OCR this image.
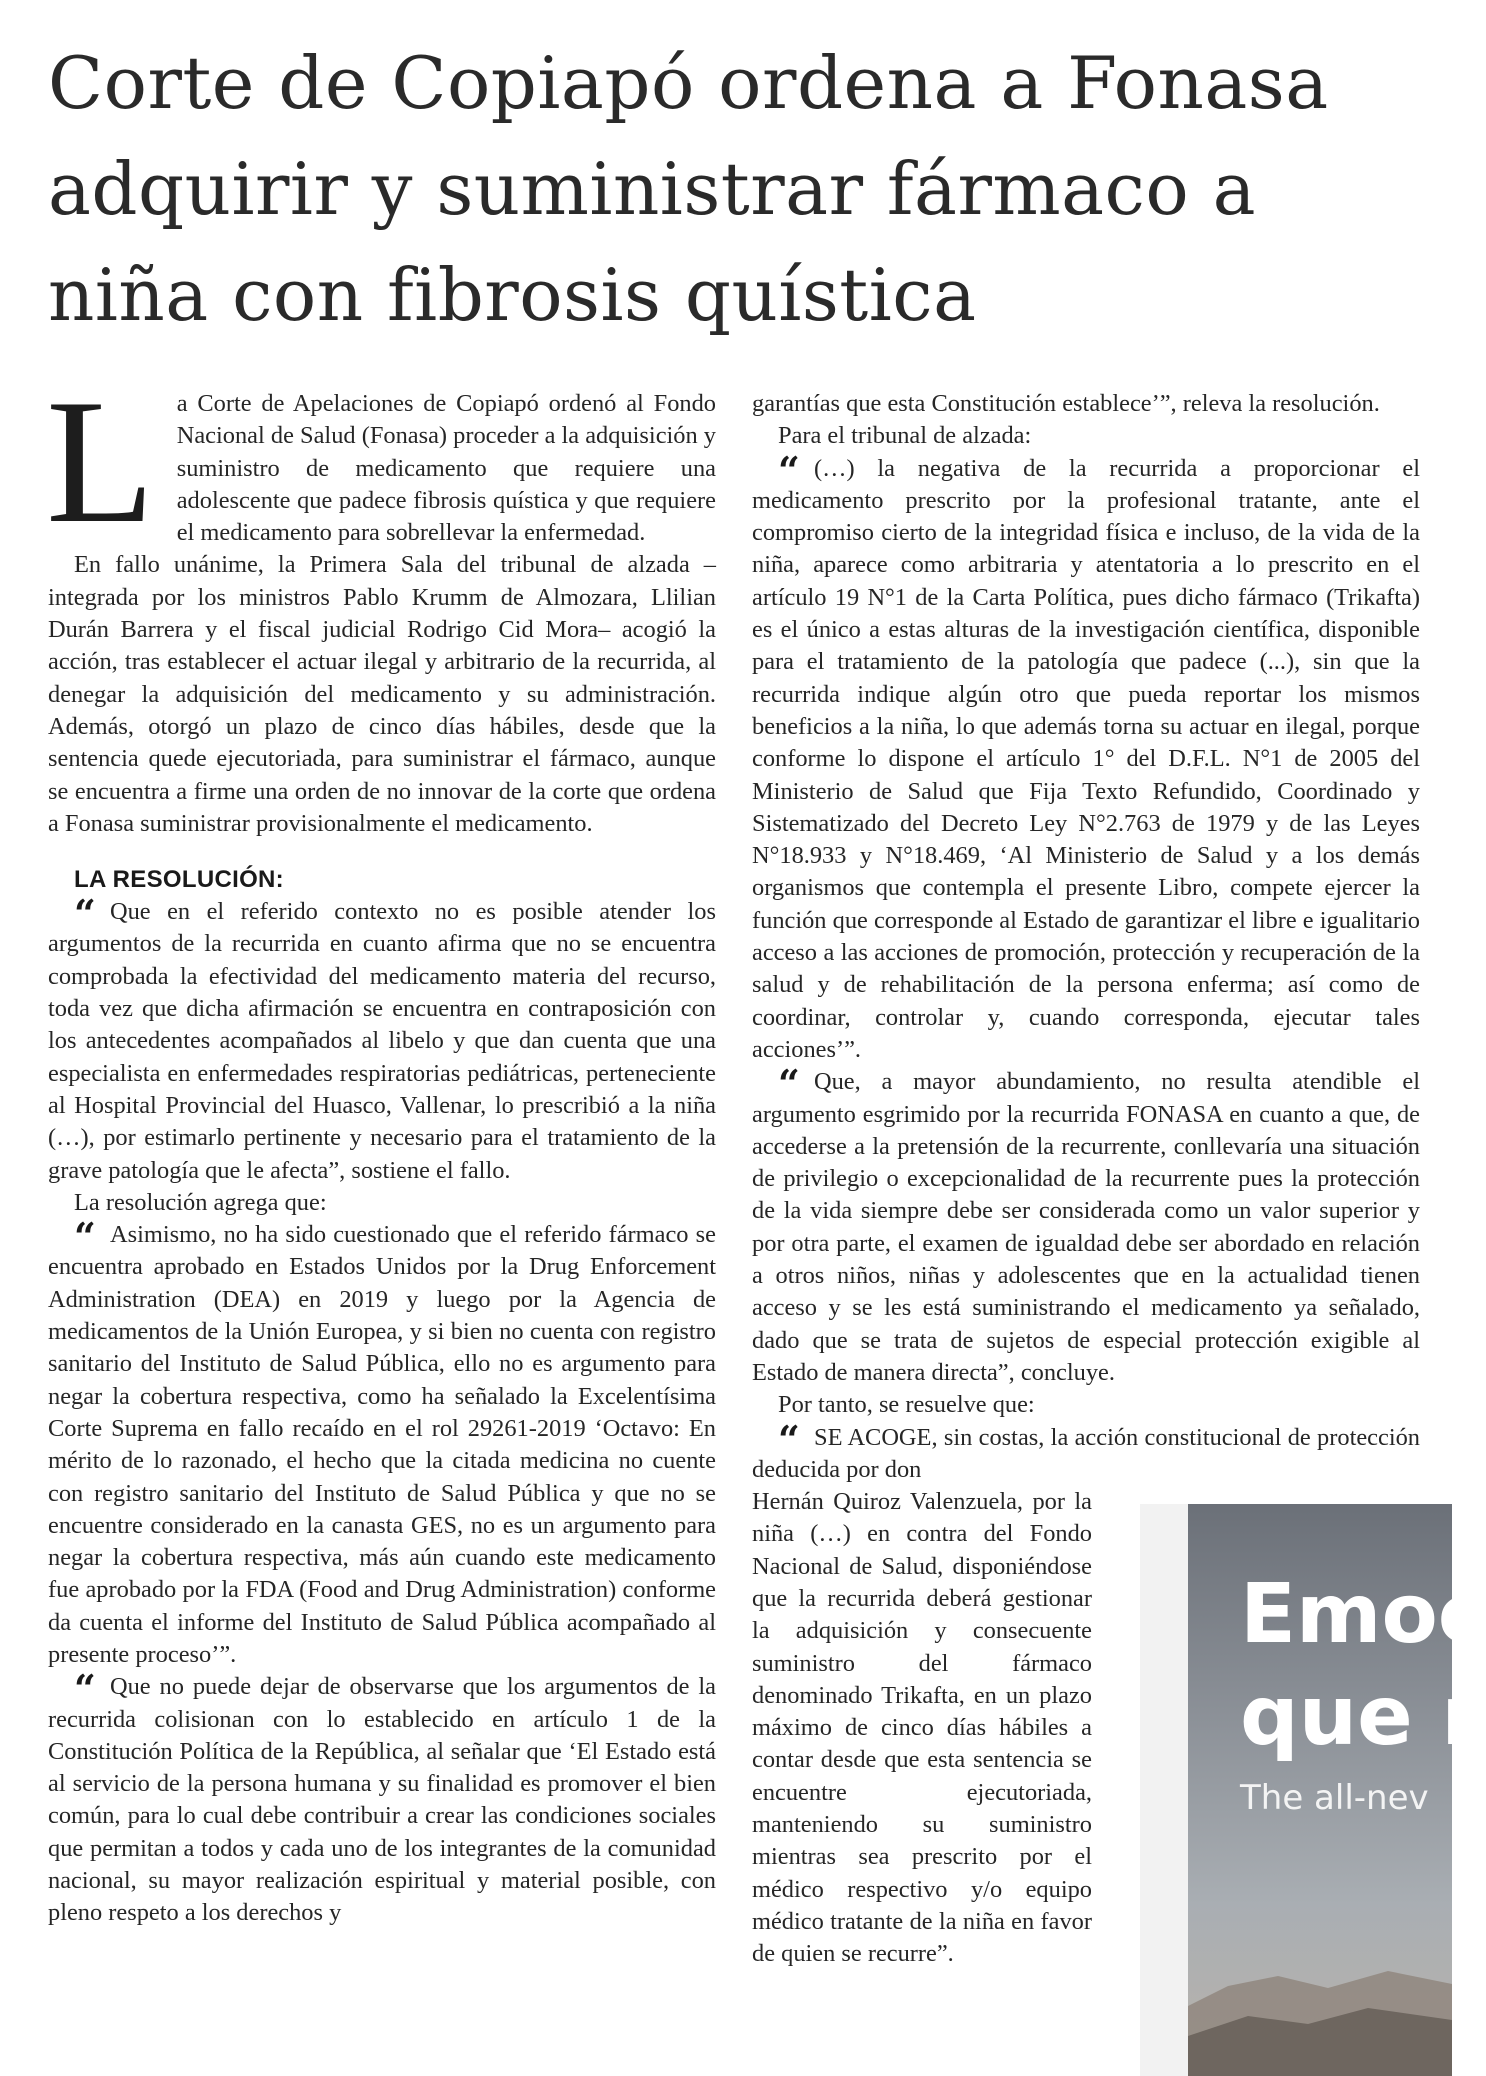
Corte de Copiapó ordena a Fonasa
adquirir y suministrar fármaco a
niña con fibrosis quística

La Corte de Apelaciones de Copiapó ordenó al Fondo Nacional de Salud (Fonasa) proceder a la adquisición y suministro de medicamento que requiere una adolescente que padece fibrosis quística y que requiere el medicamento para sobrellevar la enfermedad.

En fallo unánime, la Primera Sala del tribunal de alzada –integrada por los ministros Pablo Krumm de Almozara, Llilian Durán Barrera y el fiscal judicial Rodrigo Cid Mora– acogió la acción, tras establecer el actuar ilegal y arbitrario de la recurrida, al denegar la adquisición del medicamento y su administración. Además, otorgó un plazo de cinco días hábiles, desde que la sentencia quede ejecutoriada, para suministrar el fármaco, aunque se encuentra a firme una orden de no innovar de la corte que ordena a Fonasa suministrar provisionalmente el medicamento.

LA RESOLUCIÓN:

“ Que en el referido contexto no es posible atender los argumentos de la recurrida en cuanto afirma que no se encuentra comprobada la efectividad del medicamento materia del recurso, toda vez que dicha afirmación se encuentra en contraposición con los antecedentes acompañados al libelo y que dan cuenta que una especialista en enfermedades respiratorias pediátricas, perteneciente al Hospital Provincial del Huasco, Vallenar, lo prescribió a la niña (…), por estimarlo pertinente y necesario para el tratamiento de la grave patología que le afecta”, sostiene el fallo.

La resolución agrega que:

“ Asimismo, no ha sido cuestionado que el referido fármaco se encuentra aprobado en Estados Unidos por la Drug Enforcement Administration (DEA) en 2019 y luego por la Agencia de medicamentos de la Unión Europea, y si bien no cuenta con registro sanitario del Instituto de Salud Pública, ello no es argumento para negar la cobertura respectiva, como ha señalado la Excelentísima Corte Suprema en fallo recaído en el rol 29261-2019 ‘Octavo: En mérito de lo razonado, el hecho que la citada medicina no cuente con registro sanitario del Instituto de Salud Pública y que no se encuentre considerado en la canasta GES, no es un argumento para negar la cobertura respectiva, más aún cuando este medicamento fue aprobado por la FDA (Food and Drug Administration) conforme da cuenta el informe del Instituto de Salud Pública acompañado al presente proceso’”.

“ Que no puede dejar de observarse que los argumentos de la recurrida colisionan con lo establecido en artículo 1 de la Constitución Política de la República, al señalar que ‘El Estado está al servicio de la persona humana y su finalidad es promover el bien común, para lo cual debe contribuir a crear las condiciones sociales que permitan a todos y cada uno de los integrantes de la comunidad nacional, su mayor realización espiritual y material posible, con pleno respeto a los derechos y

garantías que esta Constitución establece’”, releva la resolución.

Para el tribunal de alzada:

“ (…) la negativa de la recurrida a proporcionar el medicamento prescrito por la profesional tratante, ante el compromiso cierto de la integridad física e incluso, de la vida de la niña, aparece como arbitraria y atentatoria a lo prescrito en el artículo 19 N°1 de la Carta Política, pues dicho fármaco (Trikafta) es el único a estas alturas de la investigación científica, disponible para el tratamiento de la patología que padece (...), sin que la recurrida indique algún otro que pueda reportar los mismos beneficios a la niña, lo que además torna su actuar en ilegal, porque conforme lo dispone el artículo 1° del D.F.L. N°1 de 2005 del Ministerio de Salud que Fija Texto Refundido, Coordinado y Sistematizado del Decreto Ley N°2.763 de 1979 y de las Leyes N°18.933 y N°18.469, ‘Al Ministerio de Salud y a los demás organismos que contempla el presente Libro, compete ejercer la función que corresponde al Estado de garantizar el libre e igualitario acceso a las acciones de promoción, protección y recuperación de la salud y de rehabilitación de la persona enferma; así como de coordinar, controlar y, cuando corresponda, ejecutar tales acciones’”.

“ Que, a mayor abundamiento, no resulta atendible el argumento esgrimido por la recurrida FONASA en cuanto a que, de accederse a la pretensión de la recurrente, conllevaría una situación de privilegio o excepcionalidad de la recurrente pues la protección de la vida siempre debe ser considerada como un valor superior y por otra parte, el examen de igualdad debe ser abordado en relación a otros niños, niñas y adolescentes que en la actualidad tienen acceso y se les está suministrando el medicamento ya señalado, dado que se trata de sujetos de especial protección exigible al Estado de manera directa”, concluye.

Por tanto, se resuelve que:

“ SE ACOGE, sin costas, la acción constitucional de protección deducida por don

Hernán Quiroz Valenzuela, por la niña (…) en contra del Fondo Nacional de Salud, disponiéndose que la recurrida deberá gestionar la adquisición y consecuente suministro del fármaco denominado Trikafta, en un plazo máximo de cinco días hábiles a contar desde que esta sentencia se encuentre ejecutoriada, manteniendo su suministro mientras sea prescrito por el médico respectivo y/o equipo médico tratante de la niña en favor de quien se recurre”.

Emoc
que r
The all-nev
